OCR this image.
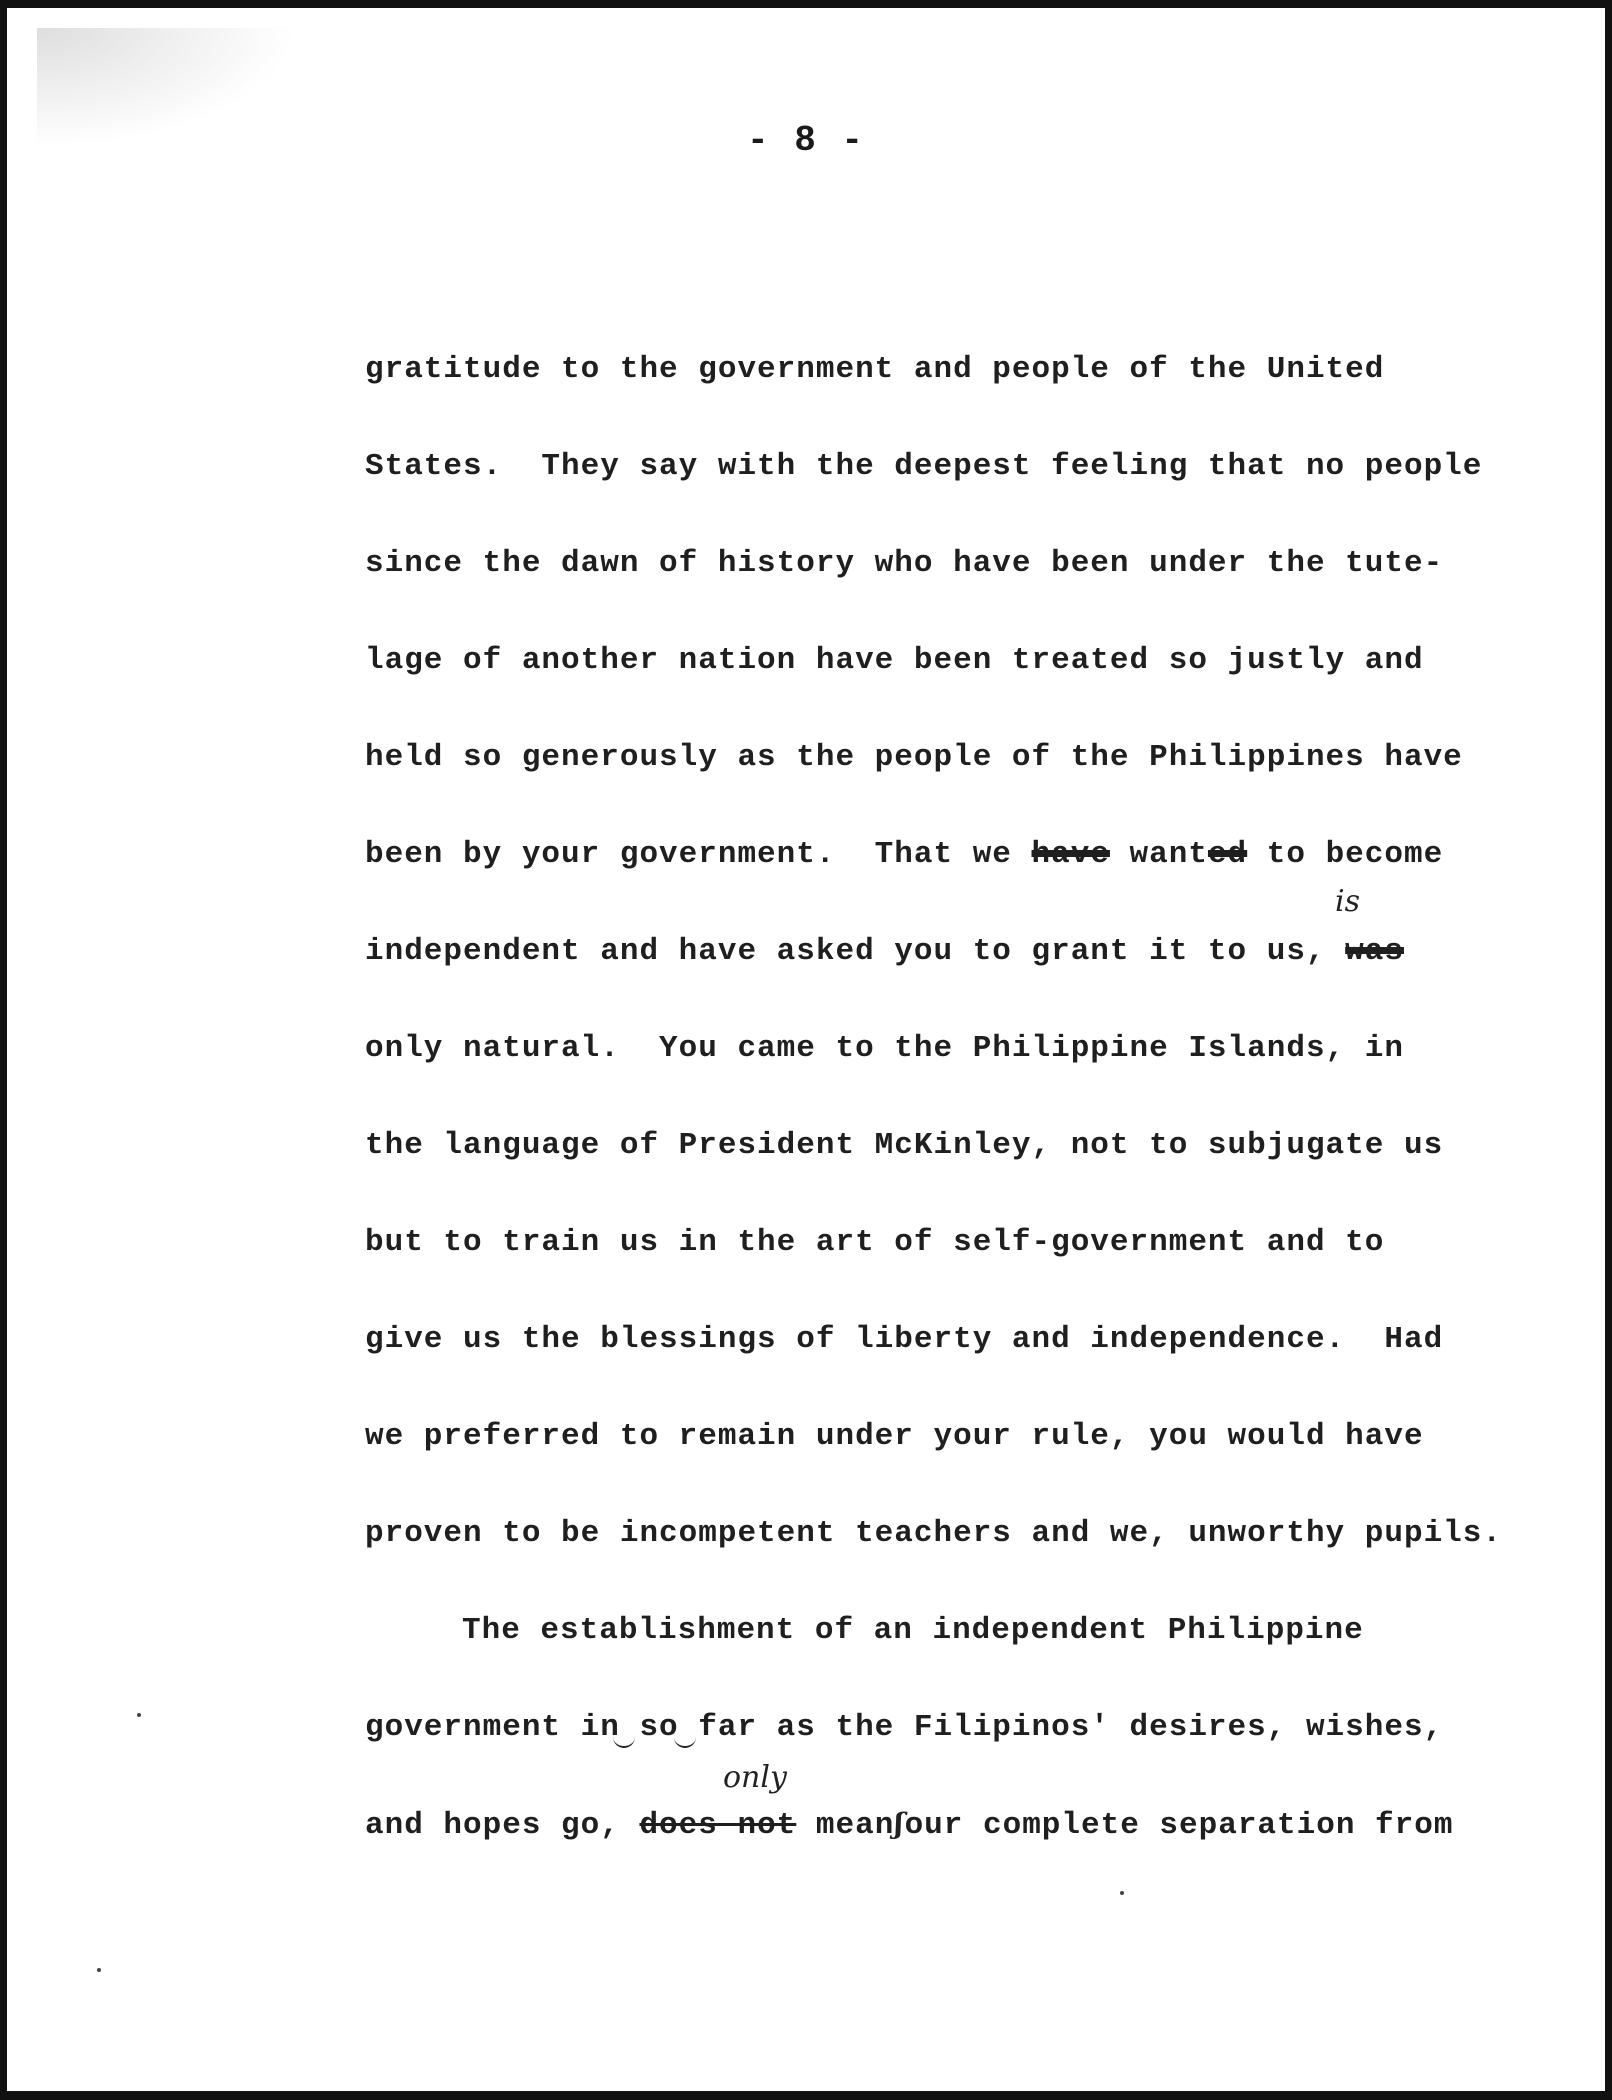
- 8 -
gratitude to the government and people of the United
States.  They say with the deepest feeling that no people
since the dawn of history who have been under the tute-
lage of another nation have been treated so justly and
held so generously as the people of the Philippines have
been by your government.  That we have wanted to become
is
independent and have asked you to grant it to us, was
only natural.  You came to the Philippine Islands, in
the language of President McKinley, not to subjugate us
but to train us in the art of self-government and to
give us the blessings of liberty and independence.  Had
we preferred to remain under your rule, you would have
proven to be incompetent teachers and we, unworthy pupils.
The establishment of an independent Philippine
government in so far as the Filipinos' desires, wishes,
only
and hopes go, does not meanʃour complete separation from
